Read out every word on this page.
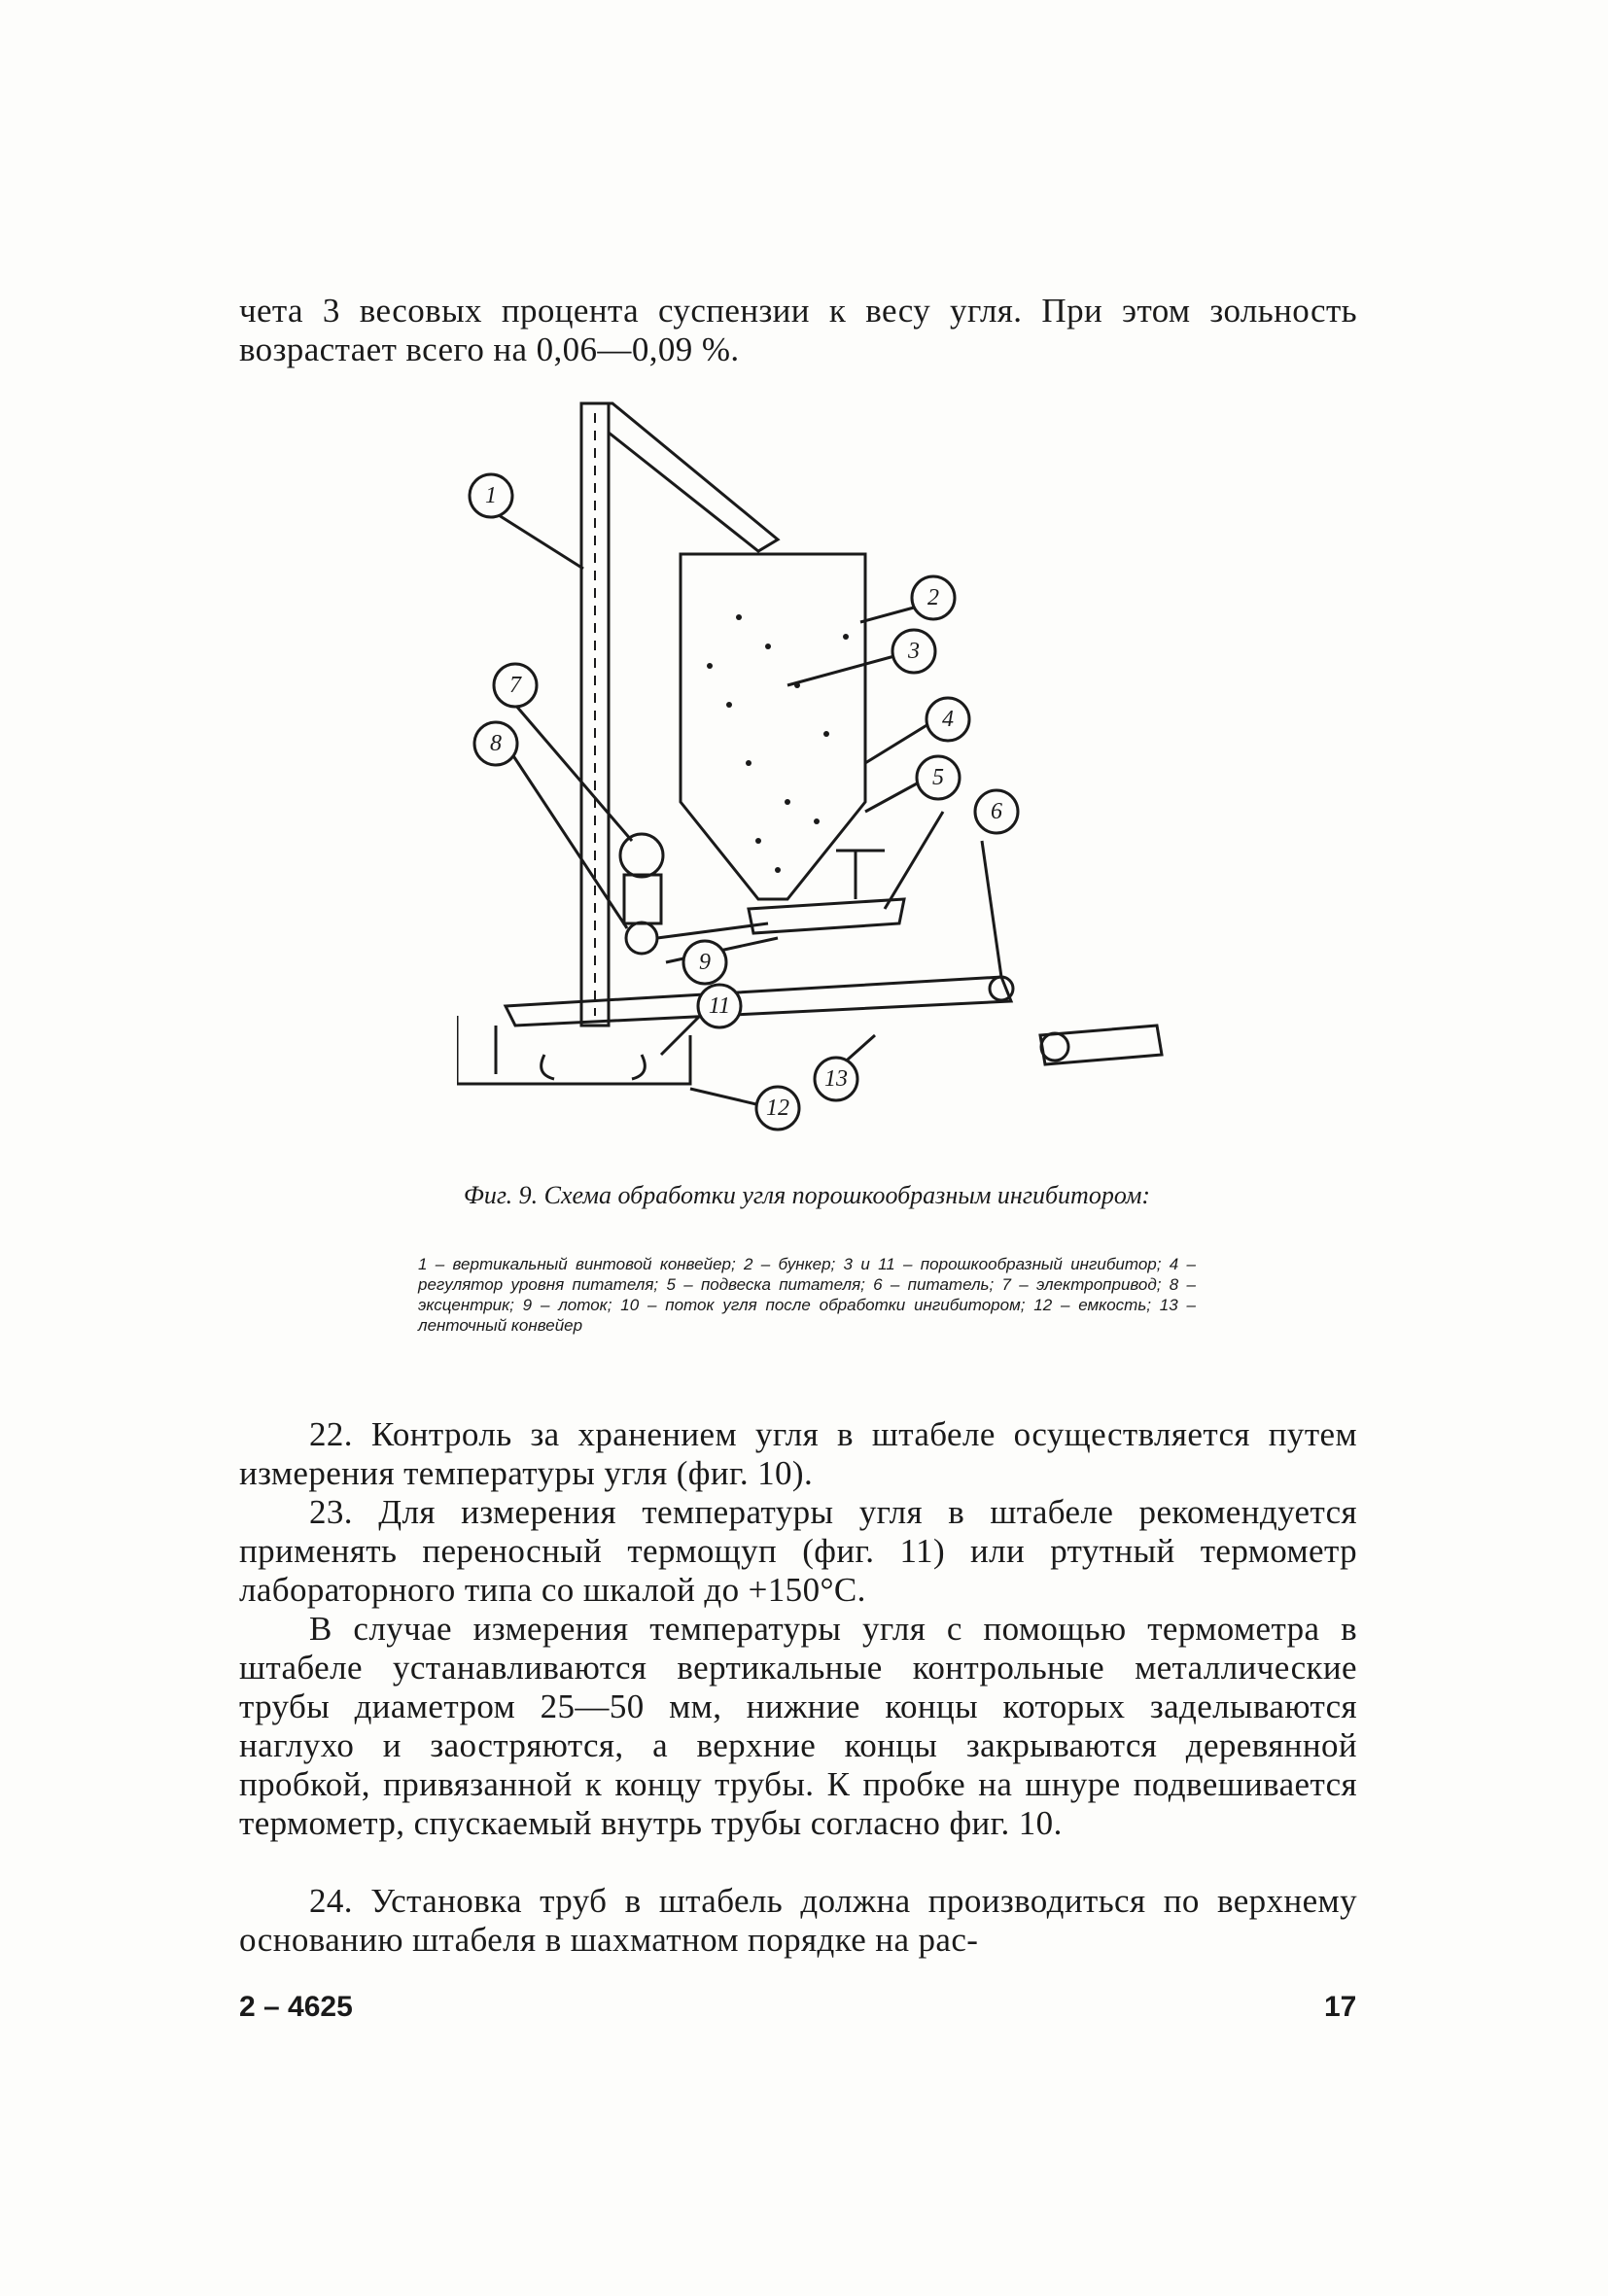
чета 3 весовых процента суспензии к весу угля. При этом зольность возрастает всего на 0,06—0,09 %.
1
2
3
4
5
6
7
8
9
11
12
13
Фиг. 9. Схема обработки угля порошкообразным ингибитором:
1 – вертикальный винтовой конвейер; 2 – бункер; 3 и 11 – порошкообразный ингибитор; 4 – регулятор уровня питателя; 5 – подвеска питателя; 6 – питатель; 7 – электропривод; 8 – эксцентрик; 9 – лоток; 10 – поток угля после обработки ингибитором; 12 – емкость; 13 – ленточный конвейер
22. Контроль за хранением угля в штабеле осуществляется путем измерения температуры угля (фиг. 10).
23. Для измерения температуры угля в штабеле рекомендуется применять переносный термощуп (фиг. 11) или ртутный термометр лабораторного типа со шкалой до +150°С.
В случае измерения температуры угля с помощью термометра в штабеле устанавливаются вертикальные контрольные металлические трубы диаметром 25—50 мм, нижние концы которых заделываются наглухо и заостряются, а верхние концы закрываются деревянной пробкой, привязанной к концу трубы. К пробке на шнуре подвешивается термометр, спускаемый внутрь трубы согласно фиг. 10.
24. Установка труб в штабель должна производиться по верхнему основанию штабеля в шахматном порядке на рас-
2 – 4625	17
